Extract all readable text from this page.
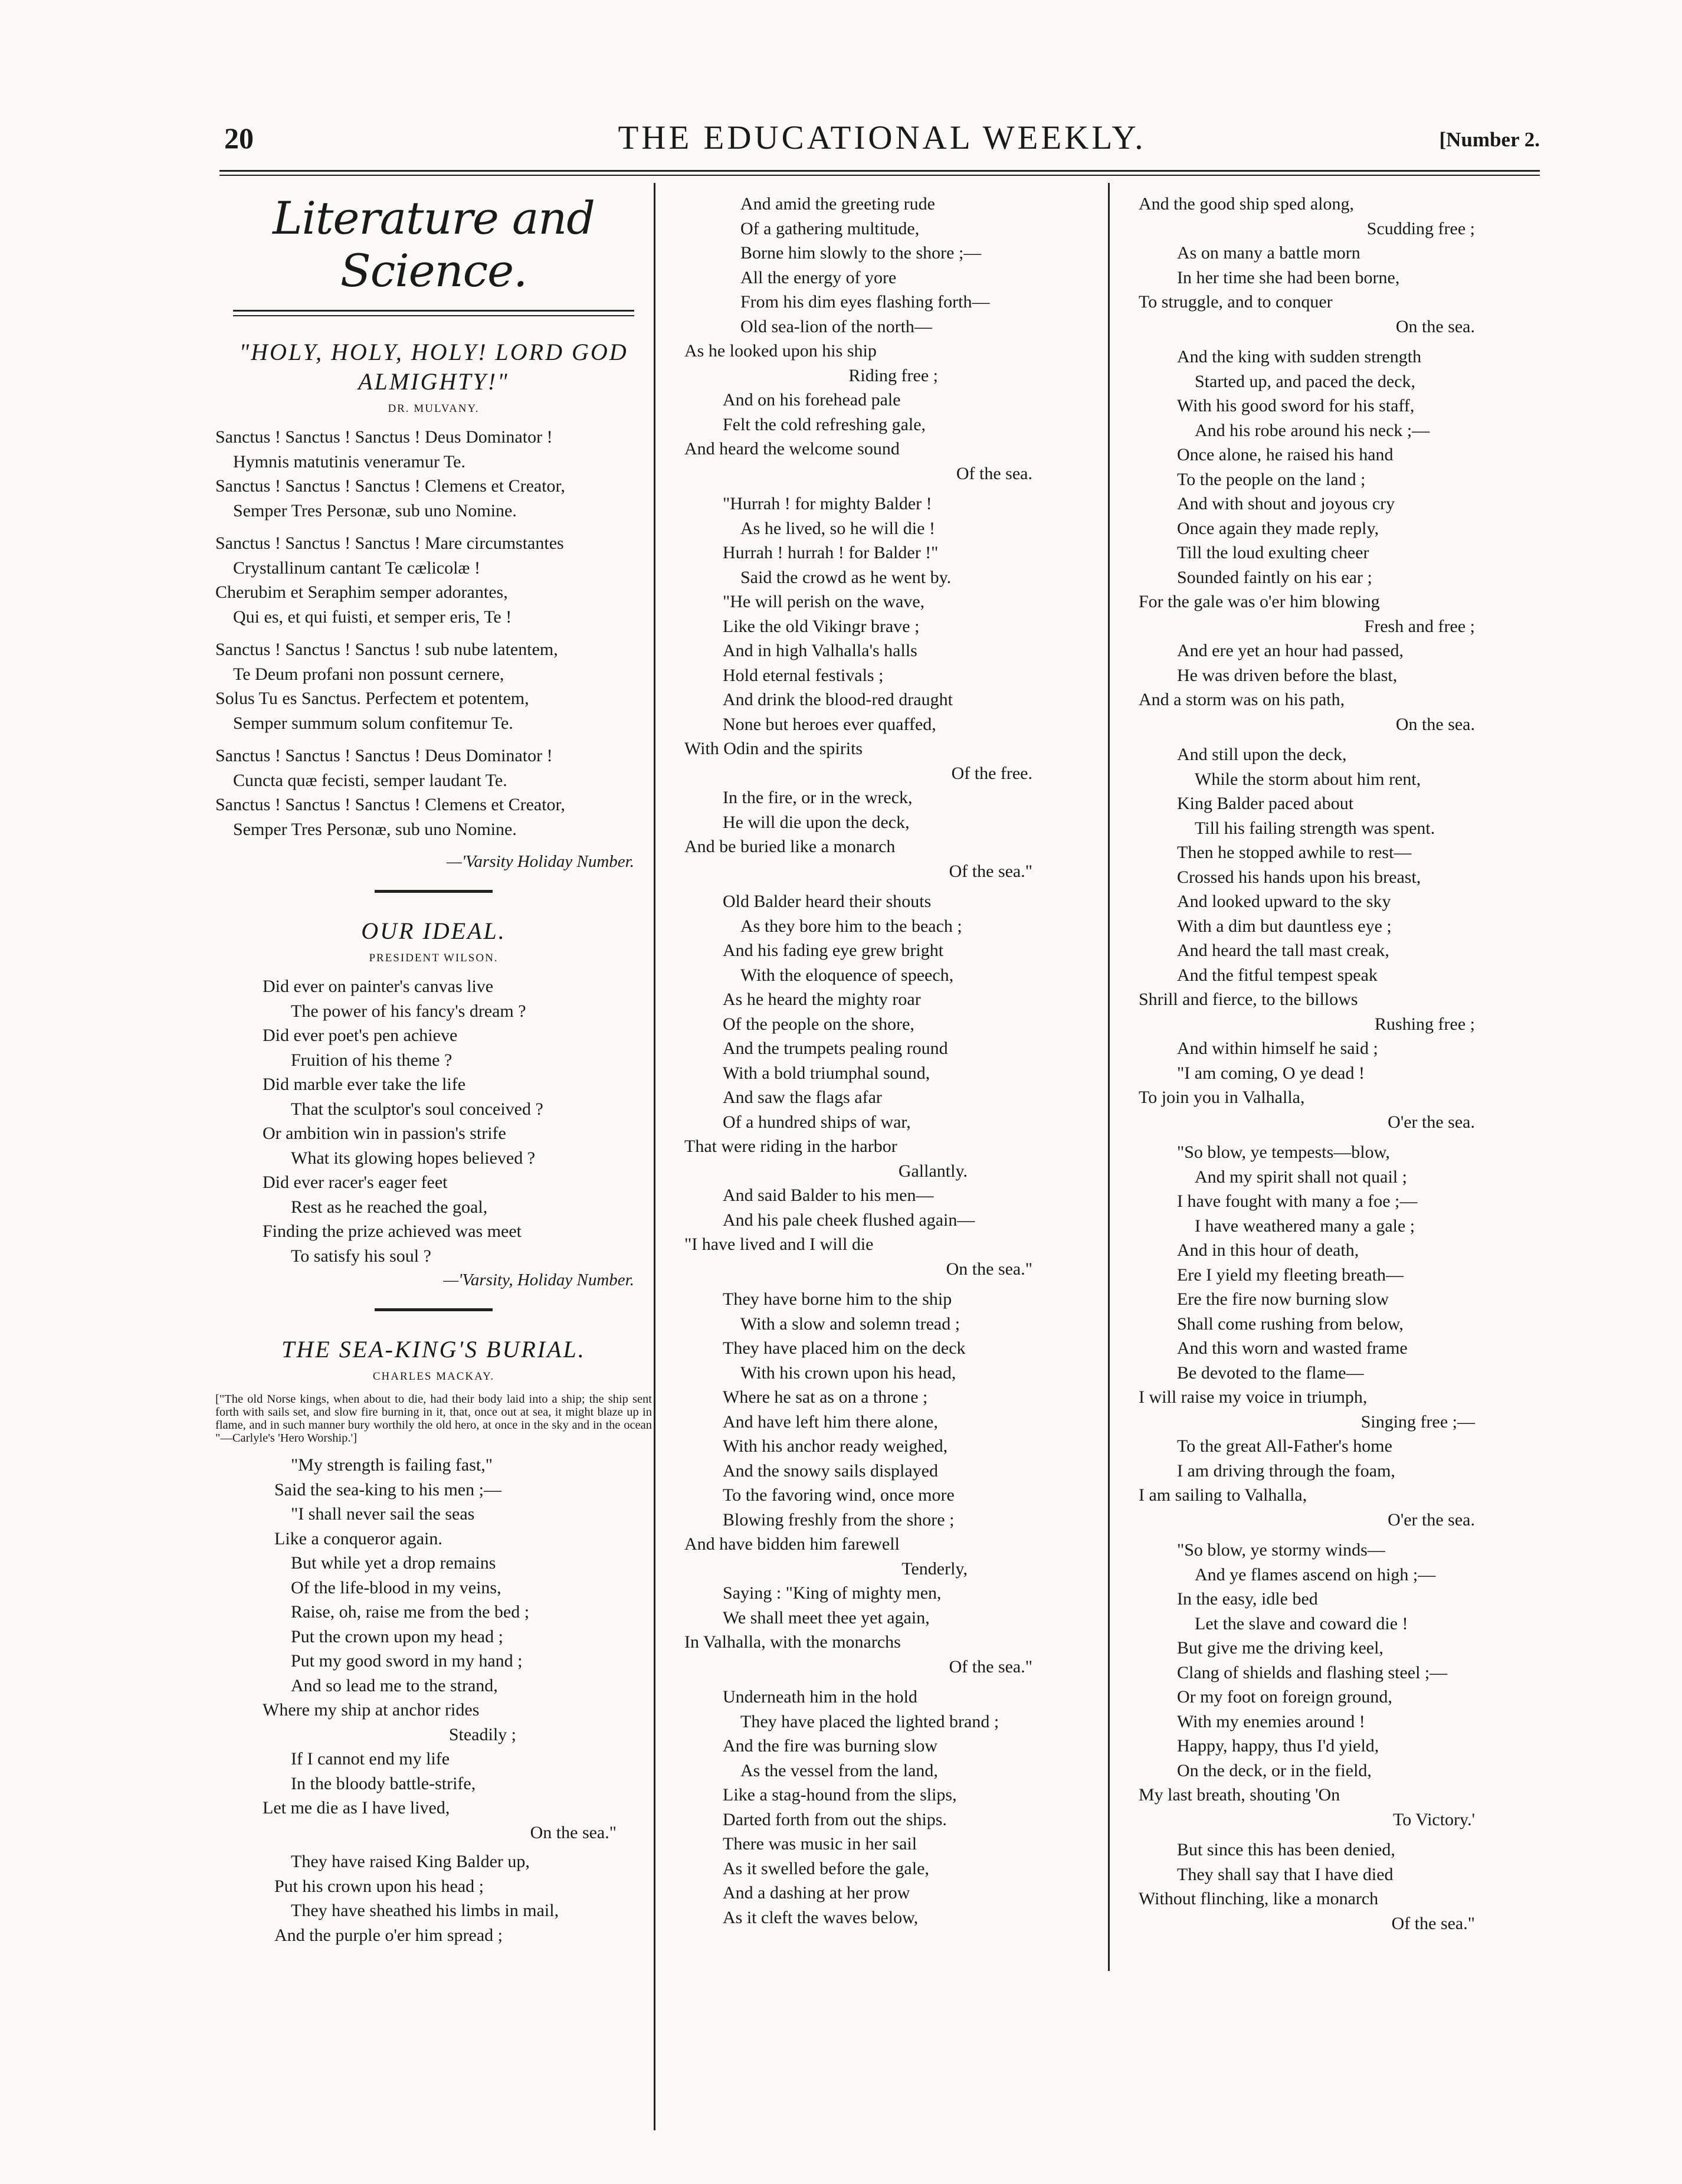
20	THE EDUCATIONAL WEEKLY.	[Number 2.
Literature and Science.
"HOLY, HOLY, HOLY! LORD GOD ALMIGHTY!"
DR. MULVANY.
Sanctus ! Sanctus ! Sanctus ! Deus Dominator !
Hymnis matutinis veneramur Te.
Sanctus ! Sanctus ! Sanctus ! Clemens et Creator,
Semper Tres Personæ, sub uno Nomine.
Sanctus ! Sanctus ! Sanctus ! Mare circumstantes
Crystallinum cantant Te cælicolæ !
Cherubim et Seraphim semper adorantes,
Qui es, et qui fuisti, et semper eris, Te !
Sanctus ! Sanctus ! Sanctus ! sub nube latentem,
Te Deum profani non possunt cernere,
Solus Tu es Sanctus. Perfectem et potentem,
Semper summum solum confitemur Te.
Sanctus ! Sanctus ! Sanctus ! Deus Dominator !
Cuncta quæ fecisti, semper laudant Te.
Sanctus ! Sanctus ! Sanctus ! Clemens et Creator,
Semper Tres Personæ, sub uno Nomine.
—'Varsity Holiday Number.
OUR IDEAL.
PRESIDENT WILSON.
Did ever on painter's canvas live
The power of his fancy's dream ?
Did ever poet's pen achieve
Fruition of his theme ?
Did marble ever take the life
That the sculptor's soul conceived ?
Or ambition win in passion's strife
What its glowing hopes believed ?
Did ever racer's eager feet
Rest as he reached the goal,
Finding the prize achieved was meet
To satisfy his soul ?
—'Varsity, Holiday Number.
THE SEA-KING'S BURIAL.
CHARLES MACKAY.
["The old Norse kings, when about to die, had their body laid into a ship; the ship sent forth with sails set, and slow fire burning in it, that, once out at sea, it might blaze up in flame, and in such manner bury worthily the old hero, at once in the sky and in the ocean "—Carlyle's 'Hero Worship.']
"My strength is failing fast,"
Said the sea-king to his men ;—
"I shall never sail the seas
Like a conqueror again.
But while yet a drop remains
Of the life-blood in my veins,
Raise, oh, raise me from the bed ;
Put the crown upon my head ;
Put my good sword in my hand ;
And so lead me to the strand,
Where my ship at anchor rides
Steadily ;
If I cannot end my life
In the bloody battle-strife,
Let me die as I have lived,
On the sea."
They have raised King Balder up,
Put his crown upon his head ;
They have sheathed his limbs in mail,
And the purple o'er him spread ;
And amid the greeting rude
Of a gathering multitude,
Borne him slowly to the shore ;—
All the energy of yore
From his dim eyes flashing forth—
Old sea-lion of the north—
As he looked upon his ship
Riding free ;
And on his forehead pale
Felt the cold refreshing gale,
And heard the welcome sound
Of the sea.
"Hurrah ! for mighty Balder !
As he lived, so he will die !
Hurrah ! hurrah ! for Balder !"
Said the crowd as he went by.
"He will perish on the wave,
Like the old Vikingr brave ;
And in high Valhalla's halls
Hold eternal festivals ;
And drink the blood-red draught
None but heroes ever quaffed,
With Odin and the spirits
Of the free.
In the fire, or in the wreck,
He will die upon the deck,
And be buried like a monarch
Of the sea."
Old Balder heard their shouts
As they bore him to the beach ;
And his fading eye grew bright
With the eloquence of speech,
As he heard the mighty roar
Of the people on the shore,
And the trumpets pealing round
With a bold triumphal sound,
And saw the flags afar
Of a hundred ships of war,
That were riding in the harbor
Gallantly.
And said Balder to his men—
And his pale cheek flushed again—
"I have lived and I will die
On the sea."
They have borne him to the ship
With a slow and solemn tread ;
They have placed him on the deck
With his crown upon his head,
Where he sat as on a throne ;
And have left him there alone,
With his anchor ready weighed,
And the snowy sails displayed
To the favoring wind, once more
Blowing freshly from the shore ;
And have bidden him farewell
Tenderly,
Saying : "King of mighty men,
We shall meet thee yet again,
In Valhalla, with the monarchs
Of the sea."
Underneath him in the hold
They have placed the lighted brand ;
And the fire was burning slow
As the vessel from the land,
Like a stag-hound from the slips,
Darted forth from out the ships.
There was music in her sail
As it swelled before the gale,
And a dashing at her prow
As it cleft the waves below,
And the good ship sped along,
Scudding free ;
As on many a battle morn
In her time she had been borne,
To struggle, and to conquer
On the sea.
And the king with sudden strength
Started up, and paced the deck,
With his good sword for his staff,
And his robe around his neck ;—
Once alone, he raised his hand
To the people on the land ;
And with shout and joyous cry
Once again they made reply,
Till the loud exulting cheer
Sounded faintly on his ear ;
For the gale was o'er him blowing
Fresh and free ;
And ere yet an hour had passed,
He was driven before the blast,
And a storm was on his path,
On the sea.
And still upon the deck,
While the storm about him rent,
King Balder paced about
Till his failing strength was spent.
Then he stopped awhile to rest—
Crossed his hands upon his breast,
And looked upward to the sky
With a dim but dauntless eye ;
And heard the tall mast creak,
And the fitful tempest speak
Shrill and fierce, to the billows
Rushing free ;
And within himself he said ;
"I am coming, O ye dead !
To join you in Valhalla,
O'er the sea.
"So blow, ye tempests—blow,
And my spirit shall not quail ;
I have fought with many a foe ;—
I have weathered many a gale ;
And in this hour of death,
Ere I yield my fleeting breath—
Ere the fire now burning slow
Shall come rushing from below,
And this worn and wasted frame
Be devoted to the flame—
I will raise my voice in triumph,
Singing free ;—
To the great All-Father's home
I am driving through the foam,
I am sailing to Valhalla,
O'er the sea.
"So blow, ye stormy winds—
And ye flames ascend on high ;—
In the easy, idle bed
Let the slave and coward die !
But give me the driving keel,
Clang of shields and flashing steel ;—
Or my foot on foreign ground,
With my enemies around !
Happy, happy, thus I'd yield,
On the deck, or in the field,
My last breath, shouting 'On
To Victory.'
But since this has been denied,
They shall say that I have died
Without flinching, like a monarch
Of the sea."
